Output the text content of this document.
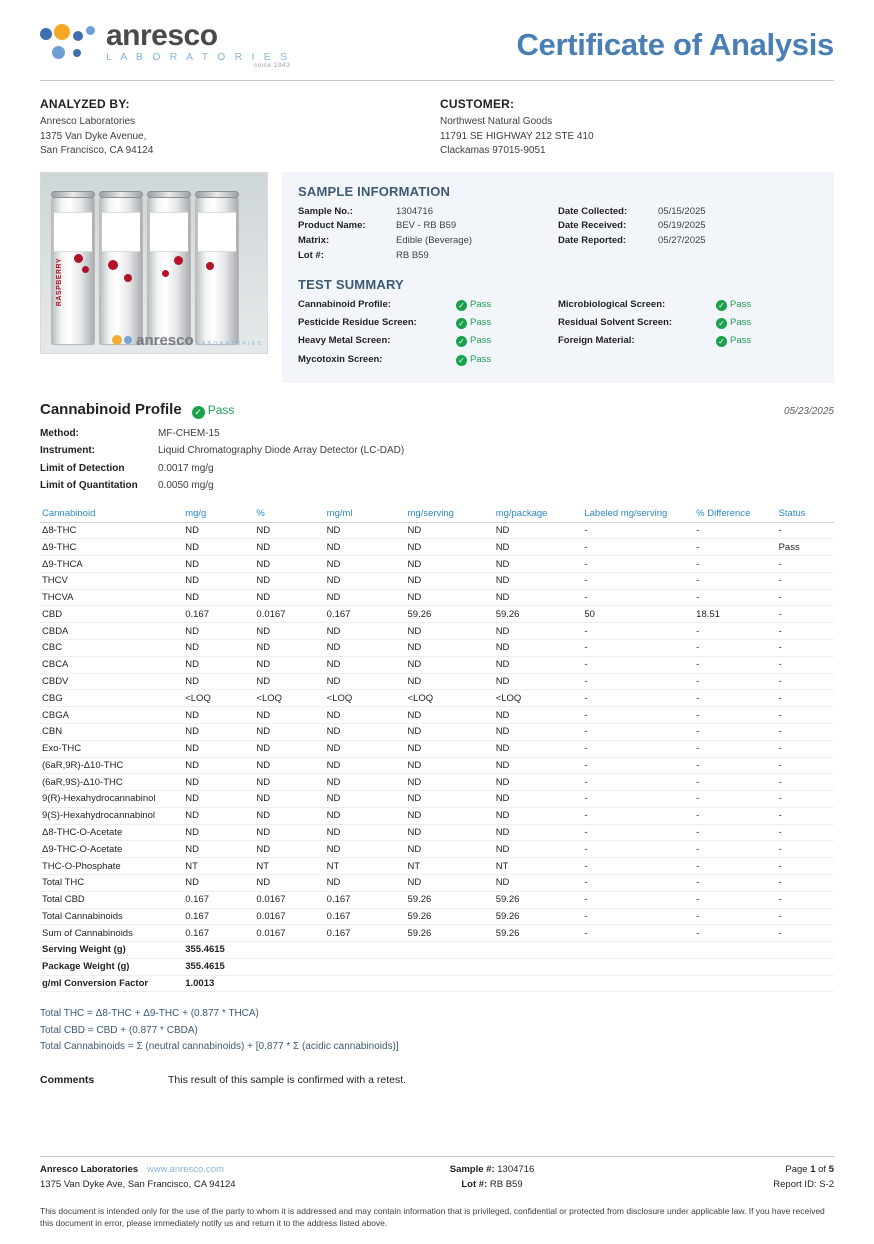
anresco
L A B O R A T O R I E S
since 1943
Certificate of Analysis
ANALYZED BY:
Anresco Laboratories
1375 Van Dyke Avenue,
San Francisco, CA 94124
CUSTOMER:
Northwest Natural Goods
11791 SE HIGHWAY 212 STE 410
Clackamas 97015-9051
RASPBERRY
anresco LABORATORIES
SAMPLE INFORMATION
Sample No.:	1304716
Product Name:	BEV - RB B59
Matrix:	Edible (Beverage)
Lot #:	RB B59
Date Collected:	05/15/2025
Date Received:	05/19/2025
Date Reported:	05/27/2025
TEST SUMMARY
Cannabinoid Profile:	✓ Pass
Pesticide Residue Screen:	✓ Pass
Heavy Metal Screen:	✓ Pass
Mycotoxin Screen:	✓ Pass
Microbiological Screen:	✓ Pass
Residual Solvent Screen:	✓ Pass
Foreign Material:	✓ Pass
Cannabinoid Profile	✓ Pass	05/23/2025
Method:	MF-CHEM-15
Instrument:	Liquid Chromatography Diode Array Detector (LC-DAD)
Limit of Detection	0.0017 mg/g
Limit of Quantitation	0.0050 mg/g
Cannabinoid	mg/g	%	mg/ml	mg/serving	mg/package	Labeled mg/serving	% Difference	Status
Δ8-THC	ND	ND	ND	ND	ND	-	-	-
Δ9-THC	ND	ND	ND	ND	ND	-	-	Pass
Δ9-THCA	ND	ND	ND	ND	ND	-	-	-
THCV	ND	ND	ND	ND	ND	-	-	-
THCVA	ND	ND	ND	ND	ND	-	-	-
CBD	0.167	0.0167	0.167	59.26	59.26	50	18.51	-
CBDA	ND	ND	ND	ND	ND	-	-	-
CBC	ND	ND	ND	ND	ND	-	-	-
CBCA	ND	ND	ND	ND	ND	-	-	-
CBDV	ND	ND	ND	ND	ND	-	-	-
CBG	<LOQ	<LOQ	<LOQ	<LOQ	<LOQ	-	-	-
CBGA	ND	ND	ND	ND	ND	-	-	-
CBN	ND	ND	ND	ND	ND	-	-	-
Exo-THC	ND	ND	ND	ND	ND	-	-	-
(6aR,9R)-Δ10-THC	ND	ND	ND	ND	ND	-	-	-
(6aR,9S)-Δ10-THC	ND	ND	ND	ND	ND	-	-	-
9(R)-Hexahydrocannabinol	ND	ND	ND	ND	ND	-	-	-
9(S)-Hexahydrocannabinol	ND	ND	ND	ND	ND	-	-	-
Δ8-THC-O-Acetate	ND	ND	ND	ND	ND	-	-	-
Δ9-THC-O-Acetate	ND	ND	ND	ND	ND	-	-	-
THC-O-Phosphate	NT	NT	NT	NT	NT	-	-	-
Total THC	ND	ND	ND	ND	ND	-	-	-
Total CBD	0.167	0.0167	0.167	59.26	59.26	-	-	-
Total Cannabinoids	0.167	0.0167	0.167	59.26	59.26	-	-	-
Sum of Cannabinoids	0.167	0.0167	0.167	59.26	59.26	-	-	-
Serving Weight (g)	355.4615							
Package Weight (g)	355.4615							
g/ml Conversion Factor	1.0013							
Total THC = Δ8-THC + Δ9-THC + (0.877 * THCA)
Total CBD = CBD + (0.877 * CBDA)
Total Cannabinoids = Σ (neutral cannabinoids) + [0.877 * Σ (acidic cannabinoids)]
Comments	This result of this sample is confirmed with a retest.
Anresco Laboratories www.anresco.com
1375 Van Dyke Ave, San Francisco, CA 94124
Sample #: 1304716
Lot #: RB B59
Page 1 of 5
Report ID: S-2
This document is intended only for the use of the party to whom it is addressed and may contain information that is privileged, confidential or protected from disclosure under applicable law. If you have received this document in error, please immediately notify us and return it to the address listed above.
